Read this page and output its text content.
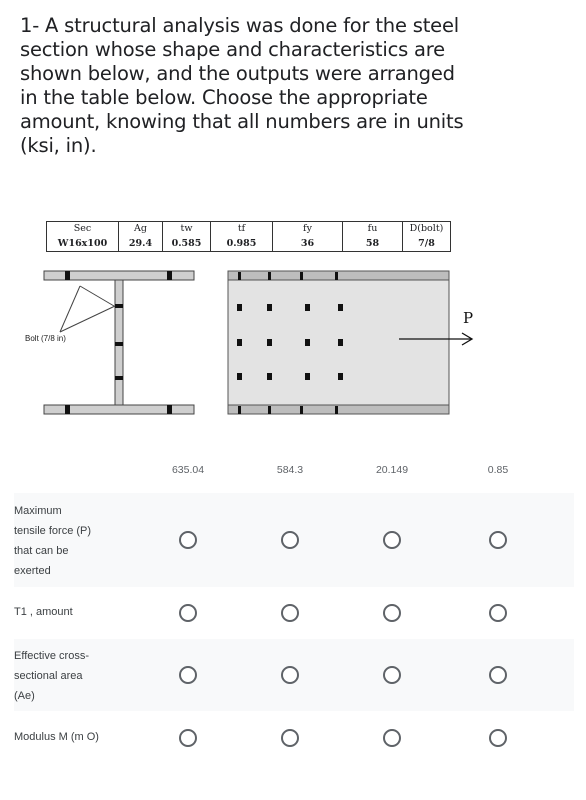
1- A structural analysis was done for the steel
section whose shape and characteristics are
shown below, and the outputs were arranged
in the table below. Choose the appropriate
amount, knowing that all numbers are in units
(ksi, in).
Sec	Ag	tw	tf	fy	fu	D(bolt)
W16x100	29.4	0.585	0.985	36	58	7/8
P
Bolt (7/8 in)
635.04	584.3	20.149	0.85
Maximum
tensile force (P)
that can be
exerted
T1 , amount
Effective cross-
sectional area
(Ae)
Modulus M (m O)
